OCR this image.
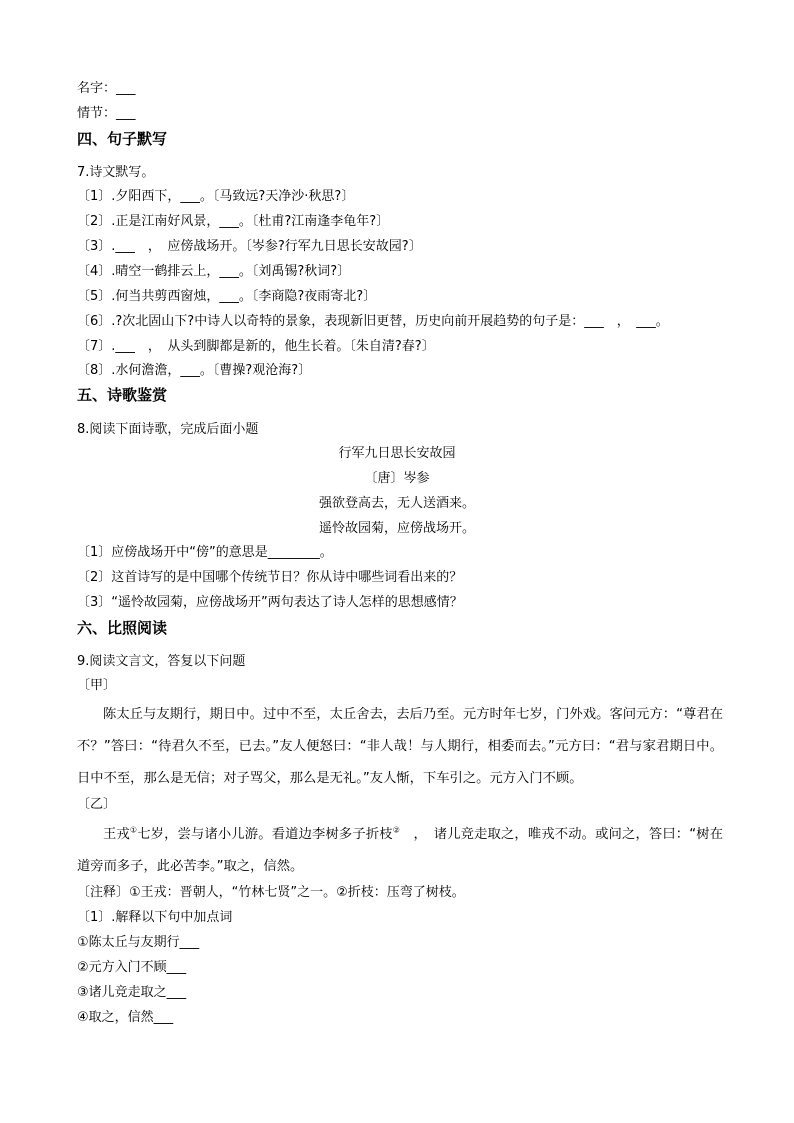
名字：___

情节：___

四、句子默写

7.诗文默写。

〔1〕.夕阳西下，___。〔马致远?天净沙·秋思?〕

〔2〕.正是江南好风景，___。〔杜甫?江南逢李龟年?〕

〔3〕.___　，　应傍战场开。〔岑参?行军九日思长安故园?〕

〔4〕.晴空一鹤排云上，___。〔刘禹锡?秋词?〕

〔5〕.何当共剪西窗烛，___。〔李商隐?夜雨寄北?〕

〔6〕.?次北固山下?中诗人以奇特的景象，表现新旧更替，历史向前开展趋势的句子是：___　，　___。

〔7〕.___　，　从头到脚都是新的，他生长着。〔朱自清?春?〕

〔8〕.水何澹澹，___。〔曹操?观沧海?〕

五、诗歌鉴赏

8.阅读下面诗歌，完成后面小题

行军九日思长安故园
〔唐〕岑参
强欲登高去，无人送酒来。
遥怜故园菊，应傍战场开。

〔1〕应傍战场开中“傍”的意思是________。

〔2〕这首诗写的是中国哪个传统节日？你从诗中哪些词看出来的？

〔3〕“遥怜故园菊，应傍战场开”两句表达了诗人怎样的思想感情？

六、比照阅读

9.阅读文言文，答复以下问题

〔甲〕

陈太丘与友期行，期日中。过中不至，太丘舍去，去后乃至。元方时年七岁，门外戏。客问元方：“尊君在不？”答曰：“待君久不至，已去。”友人便怒曰：“非人哉！与人期行，相委而去。”元方曰：“君与家君期日中。日中不至，那么是无信；对子骂父，那么是无礼。”友人惭，下车引之。元方入门不顾。

〔乙〕

王戎①七岁，尝与诸小儿游。看道边李树多子折枝②　，　诸儿竞走取之，唯戎不动。或问之，答曰：“树在道旁而多子，此必苦李。”取之，信然。

〔注释〕①王戎：晋朝人，“竹林七贤”之一。②折枝：压弯了树枝。

〔1〕.解释以下句中加点词

①陈太丘与友期行___

②元方入门不顾___

③诸儿竞走取之___

④取之，信然___
